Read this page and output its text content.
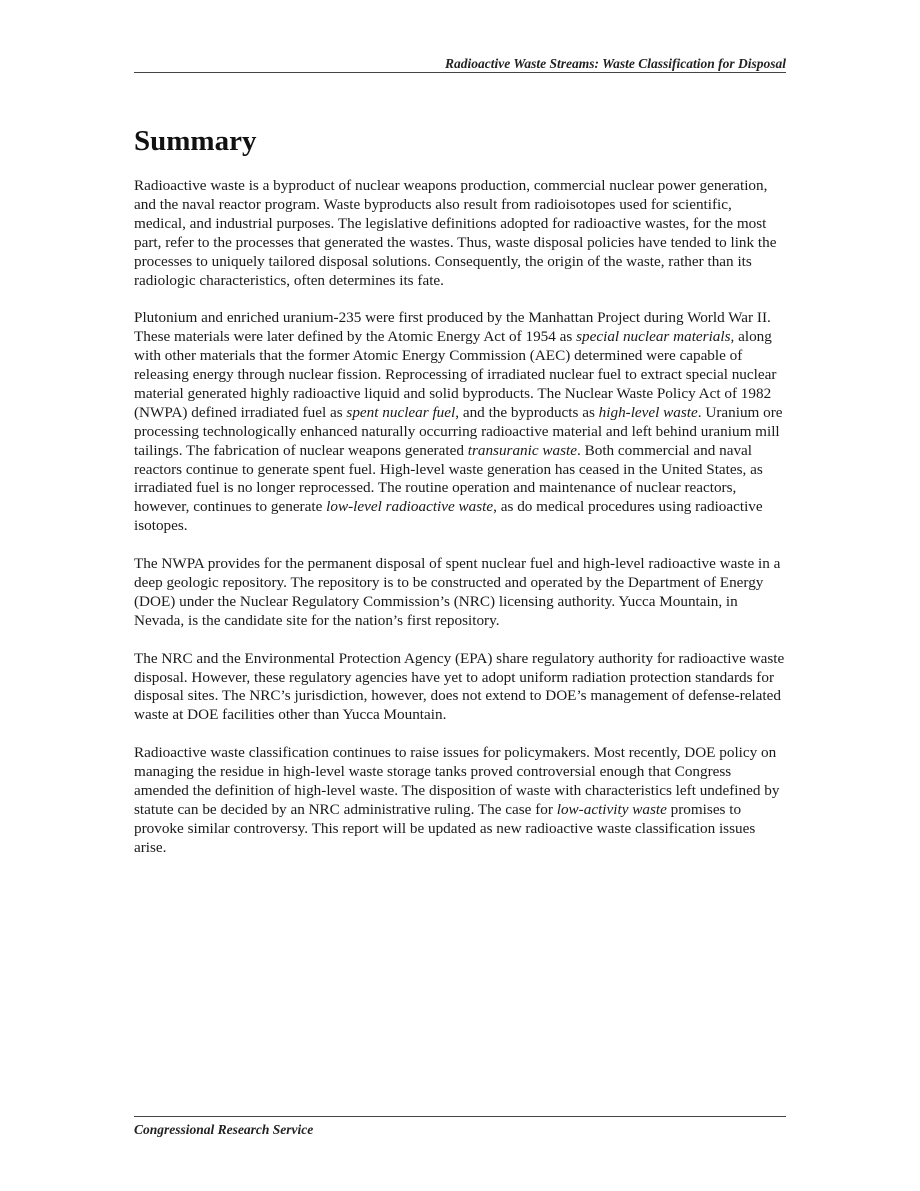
Radioactive Waste Streams: Waste Classification for Disposal
Summary

Radioactive waste is a byproduct of nuclear weapons production, commercial nuclear power generation, and the naval reactor program. Waste byproducts also result from radioisotopes used for scientific, medical, and industrial purposes. The legislative definitions adopted for radioactive wastes, for the most part, refer to the processes that generated the wastes. Thus, waste disposal policies have tended to link the processes to uniquely tailored disposal solutions. Consequently, the origin of the waste, rather than its radiologic characteristics, often determines its fate.

Plutonium and enriched uranium-235 were first produced by the Manhattan Project during World War II. These materials were later defined by the Atomic Energy Act of 1954 as special nuclear materials, along with other materials that the former Atomic Energy Commission (AEC) determined were capable of releasing energy through nuclear fission. Reprocessing of irradiated nuclear fuel to extract special nuclear material generated highly radioactive liquid and solid byproducts. The Nuclear Waste Policy Act of 1982 (NWPA) defined irradiated fuel as spent nuclear fuel, and the byproducts as high-level waste. Uranium ore processing technologically enhanced naturally occurring radioactive material and left behind uranium mill tailings. The fabrication of nuclear weapons generated transuranic waste. Both commercial and naval reactors continue to generate spent fuel. High-level waste generation has ceased in the United States, as irradiated fuel is no longer reprocessed. The routine operation and maintenance of nuclear reactors, however, continues to generate low-level radioactive waste, as do medical procedures using radioactive isotopes.

The NWPA provides for the permanent disposal of spent nuclear fuel and high-level radioactive waste in a deep geologic repository. The repository is to be constructed and operated by the Department of Energy (DOE) under the Nuclear Regulatory Commission’s (NRC) licensing authority. Yucca Mountain, in Nevada, is the candidate site for the nation’s first repository.

The NRC and the Environmental Protection Agency (EPA) share regulatory authority for radioactive waste disposal. However, these regulatory agencies have yet to adopt uniform radiation protection standards for disposal sites. The NRC’s jurisdiction, however, does not extend to DOE’s management of defense-related waste at DOE facilities other than Yucca Mountain.

Radioactive waste classification continues to raise issues for policymakers. Most recently, DOE policy on managing the residue in high-level waste storage tanks proved controversial enough that Congress amended the definition of high-level waste. The disposition of waste with characteristics left undefined by statute can be decided by an NRC administrative ruling. The case for low-activity waste promises to provoke similar controversy. This report will be updated as new radioactive waste classification issues arise.

Congressional Research Service
